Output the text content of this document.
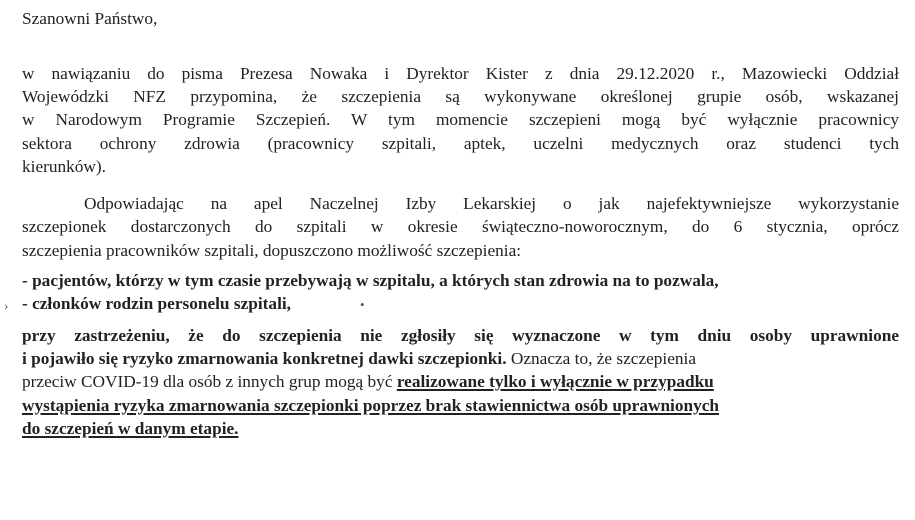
Szanowni Państwo,
w nawiązaniu do pisma Prezesa Nowaka i Dyrektor Kister z dnia 29.12.2020 r., Mazowiecki Oddział
Wojewódzki NFZ przypomina, że szczepienia są wykonywane określonej grupie osób, wskazanej
w Narodowym Programie Szczepień. W tym momencie szczepieni mogą być wyłącznie pracownicy
sektora ochrony zdrowia (pracownicy szpitali, aptek, uczelni medycznych oraz studenci tych
kierunków).
Odpowiadając na apel Naczelnej Izby Lekarskiej o jak najefektywniejsze wykorzystanie
szczepionek dostarczonych do szpitali w okresie świąteczno-noworocznym, do 6 stycznia, oprócz
szczepienia pracowników szpitali, dopuszczono możliwość szczepienia:
- pacjentów, którzy w tym czasie przebywają w szpitalu, a których stan zdrowia na to pozwala,
› - członków rodzin personelu szpitali,	•
przy zastrzeżeniu, że do szczepienia nie zgłosiły się wyznaczone w tym dniu osoby uprawnione
i pojawiło się ryzyko zmarnowania konkretnej dawki szczepionki. Oznacza to, że szczepienia
przeciw COVID-19 dla osób z innych grup mogą być realizowane tylko i wyłącznie w przypadku
wystąpienia ryzyka zmarnowania szczepionki poprzez brak stawiennictwa osób uprawnionych
do szczepień w danym etapie.
